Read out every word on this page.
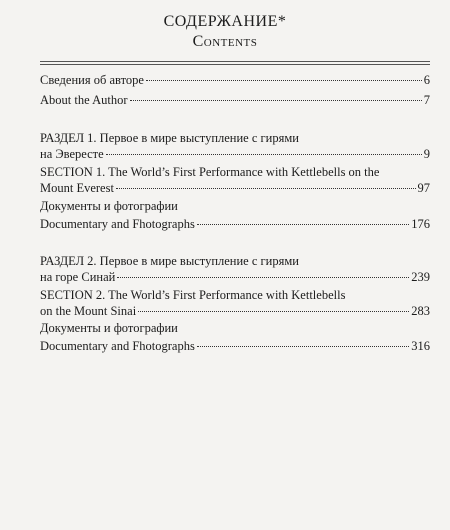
СОДЕРЖАНИЕ*
Contents
Сведения об авторе	6
About the Author	7
РАЗДЕЛ 1. Первое в мире выступление с гирями
на Эвересте	9
SECTION 1. The World’s First Performance with Kettlebells on the
Mount Everest	97
Документы и фотографии
Documentary and Fhotographs	176
РАЗДЕЛ 2. Первое в мире выступление с гирями
на горе Синай	239
SECTION 2. The World’s First Performance with Kettlebells
on the Mount Sinai	283
Документы и фотографии
Documentary and Fhotographs	316
